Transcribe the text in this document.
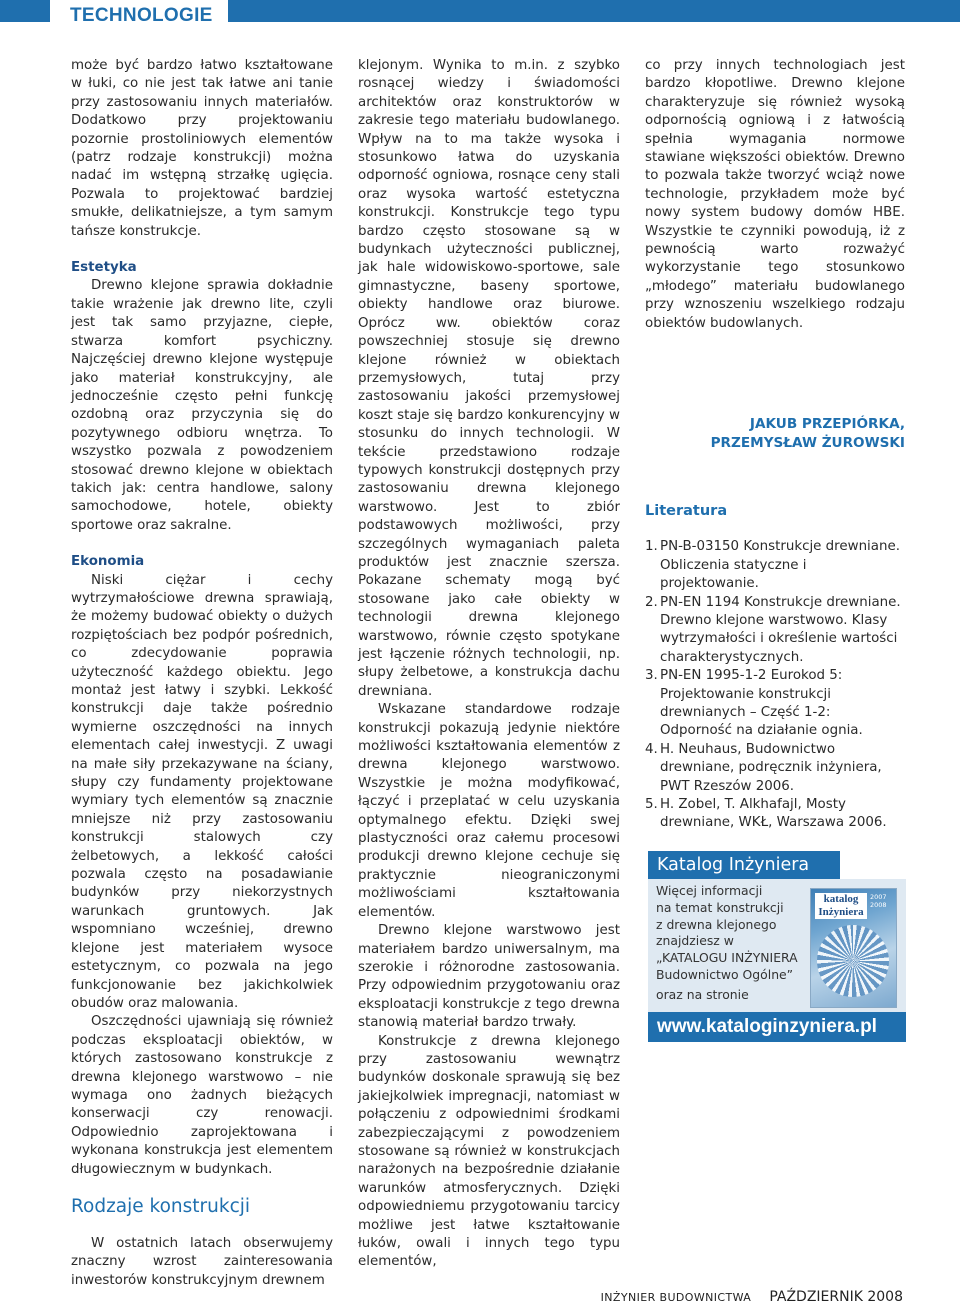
TECHNOLOGIE

może być bardzo łatwo kształtowane w łuki, co nie jest tak łatwe ani tanie przy zastosowaniu innych materiałów. Dodatkowo przy projektowaniu pozornie prostoliniowych elementów (patrz rodzaje konstrukcji) można nadać im wstępną strzałkę ugięcia. Pozwala to projektować bardziej smukłe, delikatniejsze, a tym samym tańsze konstrukcje.

Estetyka

Drewno klejone sprawia dokładnie takie wrażenie jak drewno lite, czyli jest tak samo przyjazne, ciepłe, stwarza komfort psychiczny. Najczęściej drewno klejone występuje jako materiał konstrukcyjny, ale jednocześnie często pełni funkcję ozdobną oraz przyczynia się do pozytywnego odbioru wnętrza. To wszystko pozwala z powodzeniem stosować drewno klejone w obiektach takich jak: centra handlowe, salony samochodowe, hotele, obiekty sportowe oraz sakralne.

Ekonomia

Niski ciężar i cechy wytrzymałościowe drewna sprawiają, że możemy budować obiekty o dużych rozpiętościach bez podpór pośrednich, co zdecydowanie poprawia użyteczność każdego obiektu. Jego montaż jest łatwy i szybki. Lekkość konstrukcji daje także pośrednio wymierne oszczędności na innych elementach całej inwestycji. Z uwagi na małe siły przekazywane na ściany, słupy czy fundamenty projektowane wymiary tych elementów są znacznie mniejsze niż przy zastosowaniu konstrukcji stalowych czy żelbetowych, a lekkość całości pozwala często na posadawianie budynków przy niekorzystnych warunkach gruntowych. Jak wspomniano wcześniej, drewno klejone jest materiałem wysoce estetycznym, co pozwala na jego funkcjonowanie bez jakichkolwiek obudów oraz malowania.

Oszczędności ujawniają się również podczas eksploatacji obiektów, w których zastosowano konstrukcje z drewna klejonego warstwowo – nie wymaga ono żadnych bieżących konserwacji czy renowacji. Odpowiednio zaprojektowana i wykonana konstrukcja jest elementem długowiecznym w budynkach.

Rodzaje konstrukcji

W ostatnich latach obserwujemy znaczny wzrost zainteresowania inwestorów konstrukcyjnym drewnem

klejonym. Wynika to m.in. z szybko rosnącej wiedzy i świadomości architektów oraz konstruktorów w zakresie tego materiału budowlanego. Wpływ na to ma także wysoka i stosunkowo łatwa do uzyskania odporność ogniowa, rosnące ceny stali oraz wysoka wartość estetyczna konstrukcji. Konstrukcje tego typu bardzo często stosowane są w budynkach użyteczności publicznej, jak hale widowiskowo-sportowe, sale gimnastyczne, baseny sportowe, obiekty handlowe oraz biurowe. Oprócz ww. obiektów coraz powszechniej stosuje się drewno klejone również w obiektach przemysłowych, tutaj przy zastosowaniu jakości przemysłowej koszt staje się bardzo konkurencyjny w stosunku do innych technologii. W tekście przedstawiono rodzaje typowych konstrukcji dostępnych przy zastosowaniu drewna klejonego warstwowo. Jest to zbiór podstawowych możliwości, przy szczególnych wymaganiach paleta produktów jest znacznie szersza. Pokazane schematy mogą być stosowane jako całe obiekty w technologii drewna klejonego warstwowo, równie często spotykane jest łączenie różnych technologii, np. słupy żelbetowe, a konstrukcja dachu drewniana.

Wskazane standardowe rodzaje konstrukcji pokazują jedynie niektóre możliwości kształtowania elementów z drewna klejonego warstwowo. Wszystkie je można modyfikować, łączyć i przeplatać w celu uzyskania optymalnego efektu. Dzięki swej plastyczności oraz całemu procesowi produkcji drewno klejone cechuje się praktycznie nieograniczonymi możliwościami kształtowania elementów.

Drewno klejone warstwowo jest materiałem bardzo uniwersalnym, ma szerokie i różnorodne zastosowania. Przy odpowiednim przygotowaniu oraz eksploatacji konstrukcje z tego drewna stanowią materiał bardzo trwały.

Konstrukcje z drewna klejonego przy zastosowaniu wewnątrz budynków doskonale sprawują się bez jakiejkolwiek impregnacji, natomiast w połączeniu z odpowiednimi środkami zabezpieczającymi z powodzeniem stosowane są również w konstrukcjach narażonych na bezpośrednie działanie warunków atmosferycznych. Dzięki odpowiedniemu przygotowaniu tarcicy możliwe jest łatwe kształtowanie łuków, owali i innych tego typu elementów,

co przy innych technologiach jest bardzo kłopotliwe. Drewno klejone charakteryzuje się również wysoką odpornością ogniową i z łatwością spełnia wymagania normowe stawiane większości obiektów. Drewno to pozwala także tworzyć wciąż nowe technologie, przykładem może być nowy system budowy domów HBE. Wszystkie te czynniki powodują, iż z pewnością warto rozważyć wykorzystanie tego stosunkowo „młodego” materiału budowlanego przy wznoszeniu wszelkiego rodzaju obiektów budowlanych.

JAKUB PRZEPIÓRKA,
PRZEMYSŁAW ŻUROWSKI

Literatura

1. PN-B-03150 Konstrukcje drewniane. Obliczenia statyczne i projektowanie.
2. PN-EN 1194 Konstrukcje drewniane. Drewno klejone warstwowo. Klasy wytrzymałości i określenie wartości charakterystycznych.
3. PN-EN 1995-1-2 Eurokod 5: Projektowanie konstrukcji drewnianych – Część 1-2: Odporność na działanie ognia.
4. H. Neuhaus, Budownictwo drewniane, podręcznik inżyniera, PWT Rzeszów 2006.
5. H. Zobel, T. Alkhafajl, Mosty drewniane, WKŁ, Warszawa 2006.
Katalog Inżyniera
Więcej informacji
na temat konstrukcji
z drewna klejonego
znajdziesz w
„KATALOGU INŻYNIERA
Budownictwo Ogólne”
oraz na stronie
katalog
Inżyniera
2007
2008
www.kataloginzyniera.pl
INŻYNIER BUDOWNICTWA PAŹDZIERNIK 2008
